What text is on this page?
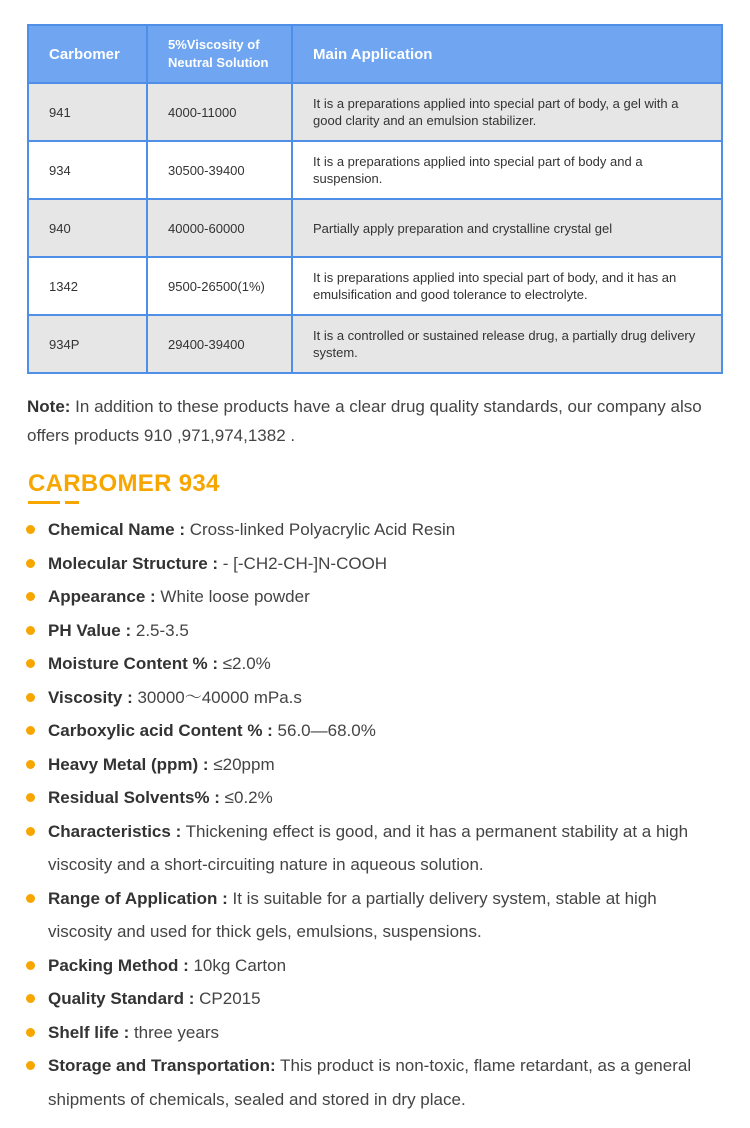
Carbomer	5%Viscosity of Neutral Solution	Main Application
941	4000-11000	It is a preparations applied into special part of body, a gel with a good clarity and an emulsion stabilizer.
934	30500-39400	It is a preparations applied into special part of body and a suspension.
940	40000-60000	Partially apply preparation and crystalline crystal gel
1342	9500-26500(1%)	It is preparations applied into special part of body, and it has an emulsification and good tolerance to electrolyte.
934P	29400-39400	It is a controlled or sustained release drug, a partially drug delivery system.
Note: In addition to these products have a clear drug quality standards, our company also offers products 910 ,971,974,1382 .
CARBOMER 934
Chemical Name : Cross-linked Polyacrylic Acid Resin
Molecular Structure : - [-CH2-CH-]N-COOH
Appearance : White loose powder
PH Value : 2.5-3.5
Moisture Content % : ≤2.0%
Viscosity : 30000〜40000 mPa.s
Carboxylic acid Content % : 56.0—68.0%
Heavy Metal (ppm) : ≤20ppm
Residual Solvents% : ≤0.2%
Characteristics : Thickening effect is good, and it has a permanent stability at a high viscosity and a short-circuiting nature in aqueous solution.
Range of Application : It is suitable for a partially delivery system, stable at high viscosity and used for thick gels, emulsions, suspensions.
Packing Method : 10kg Carton
Quality Standard : CP2015
Shelf life : three years
Storage and Transportation: This product is non-toxic, flame retardant, as a general shipments of chemicals, sealed and stored in dry place.
